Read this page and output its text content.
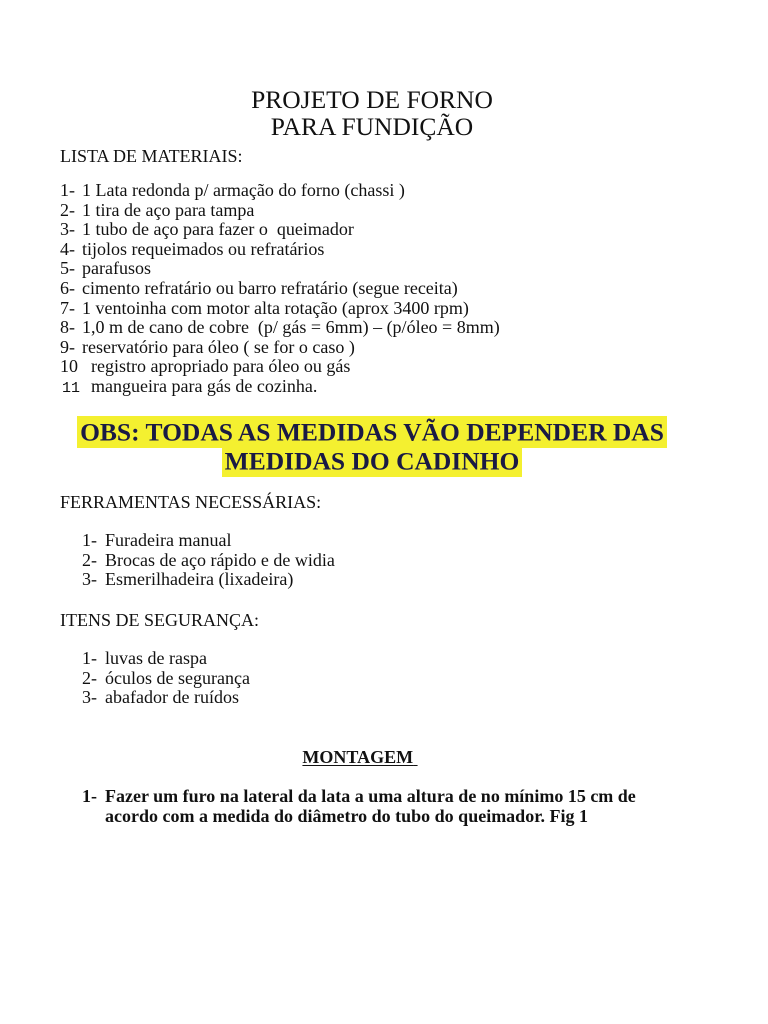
PROJETO DE FORNO
PARA FUNDIÇÃO
LISTA DE MATERIAIS:
1- 1 Lata redonda p/ armação do forno (chassi )
2- 1 tira de aço para tampa
3- 1 tubo de aço para fazer o  queimador
4- tijolos requeimados ou refratários
5- parafusos
6- cimento refratário ou barro refratário (segue receita)
7- 1 ventoinha com motor alta rotação (aprox 3400 rpm)
8- 1,0 m de cano de cobre  (p/ gás = 6mm) – (p/óleo = 8mm)
9- reservatório para óleo ( se for o caso )
10 registro apropriado para óleo ou gás
11 mangueira para gás de cozinha.
OBS: TODAS AS MEDIDAS VÃO DEPENDER DAS MEDIDAS DO CADINHO
FERRAMENTAS NECESSÁRIAS:
1- Furadeira manual
2- Brocas de aço rápido e de widia
3- Esmerilhadeira (lixadeira)
ITENS DE SEGURANÇA:
1- luvas de raspa
2- óculos de segurança
3- abafador de ruídos
MONTAGEM
1- Fazer um furo na lateral da lata a uma altura de no mínimo 15 cm de acordo com a medida do diâmetro do tubo do queimador. Fig 1
